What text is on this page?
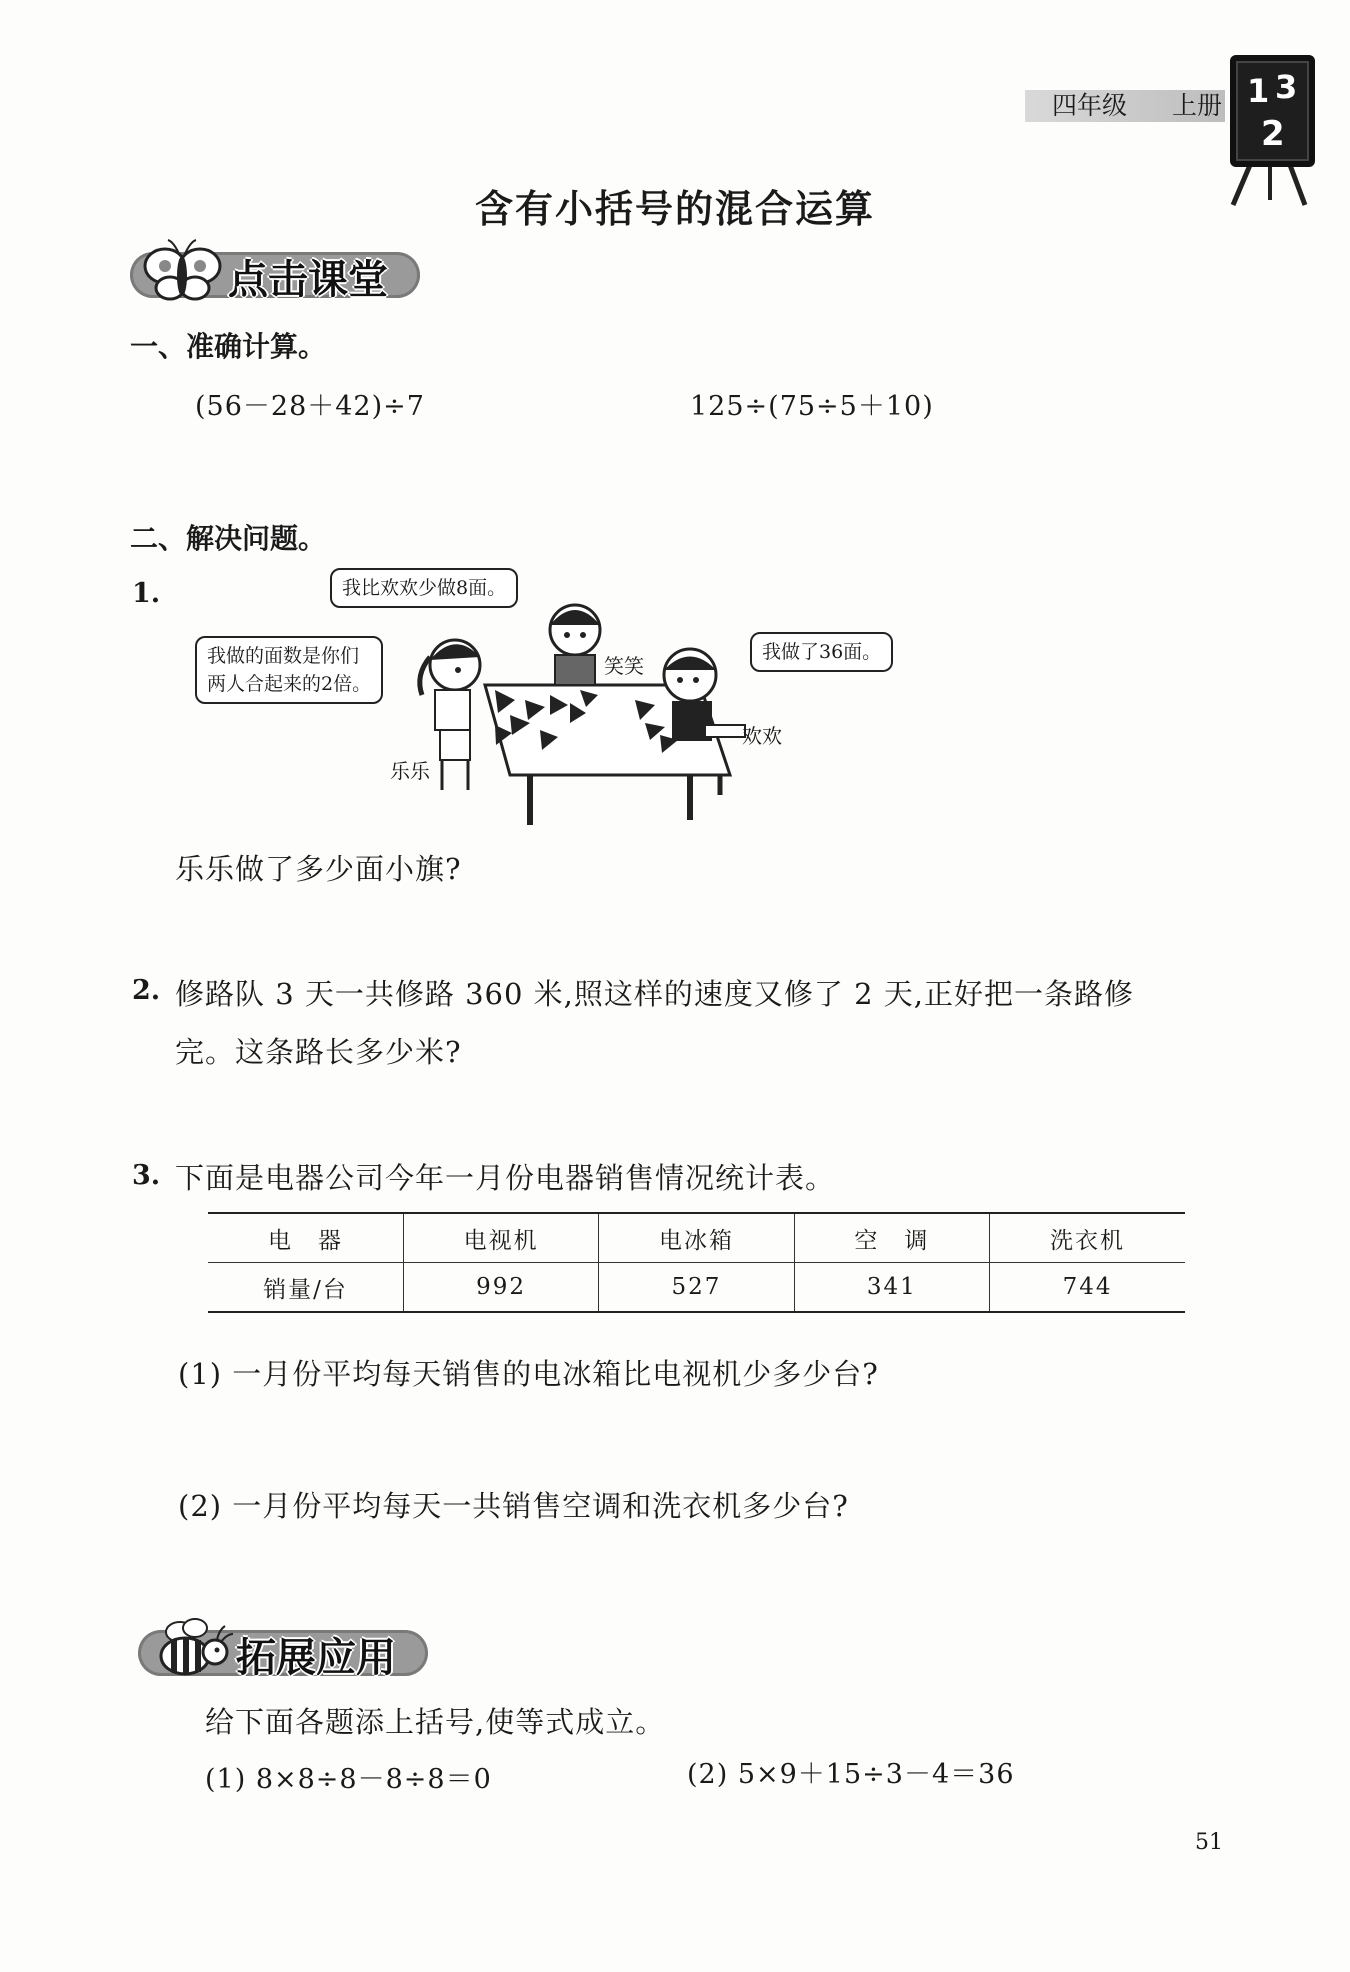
四年级 上册 1 3
2
含有小括号的混合运算
点击课堂
一、准确计算。
(56－28＋42)÷7	125÷(75÷5＋10)
二、解决问题。
1.	我比欢欢少做8面。
我做的面数是你们
两人合起来的2倍。
我做了36面。
笑笑
欢欢
乐乐
乐乐做了多少面小旗?
2. 修路队 3 天一共修路 360 米,照这样的速度又修了 2 天,正好把一条路修
完。这条路长多少米?
3. 下面是电器公司今年一月份电器销售情况统计表。
电　器	电视机	电冰箱	空　调	洗衣机
销量/台	992	527	341	744
(1) 一月份平均每天销售的电冰箱比电视机少多少台?
(2) 一月份平均每天一共销售空调和洗衣机多少台?
拓展应用
给下面各题添上括号,使等式成立。
(1) 8×8÷8－8÷8＝0	(2) 5×9＋15÷3－4＝36
51
